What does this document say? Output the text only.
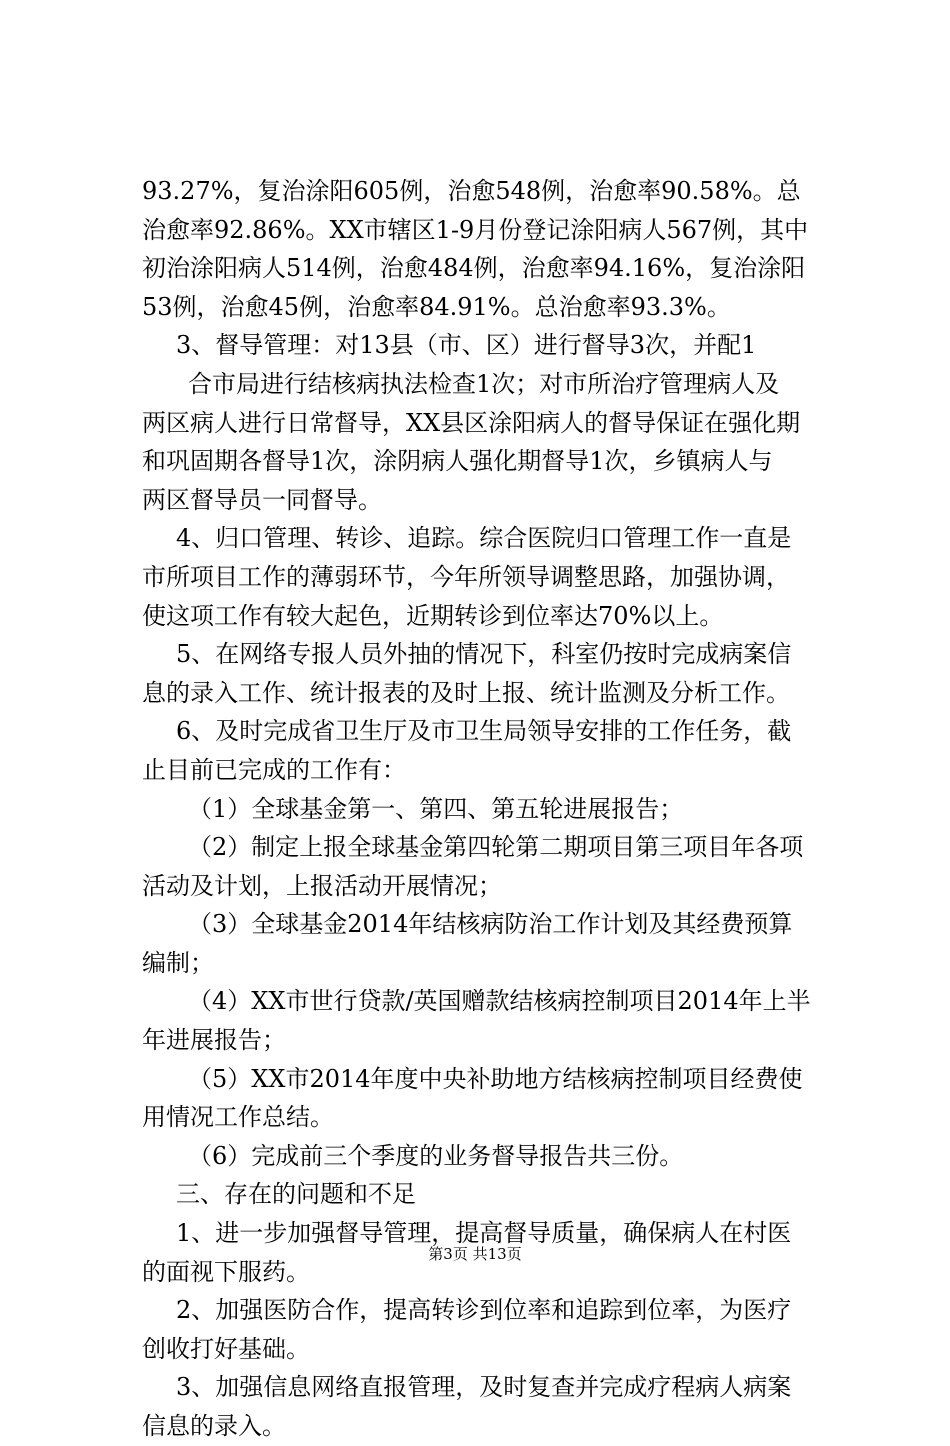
93.27%，复治涂阳605例，治愈548例，治愈率90.58%。总
治愈率92.86%。XX市辖区1-9月份登记涂阳病人567例，其中
初治涂阳病人514例，治愈484例，治愈率94.16%，复治涂阳
53例，治愈45例，治愈率84.91%。总治愈率93.3%。
3、督导管理：对13县（市、区）进行督导3次，并配1
合市局进行结核病执法检查1次；对市所治疗管理病人及
两区病人进行日常督导，XX县区涂阳病人的督导保证在强化期
和巩固期各督导1次，涂阴病人强化期督导1次，乡镇病人与
两区督导员一同督导。
4、归口管理、转诊、追踪。综合医院归口管理工作一直是
市所项目工作的薄弱环节，今年所领导调整思路，加强协调，
使这项工作有较大起色，近期转诊到位率达70%以上。
5、在网络专报人员外抽的情况下，科室仍按时完成病案信
息的录入工作、统计报表的及时上报、统计监测及分析工作。
6、及时完成省卫生厅及市卫生局领导安排的工作任务，截
止目前已完成的工作有：
（1）全球基金第一、第四、第五轮进展报告；
（2）制定上报全球基金第四轮第二期项目第三项目年各项
活动及计划，上报活动开展情况；
（3）全球基金2014年结核病防治工作计划及其经费预算
编制；
（4）XX市世行贷款/英国赠款结核病控制项目2014年上半
年进展报告；
（5）XX市2014年度中央补助地方结核病控制项目经费使
用情况工作总结。
（6）完成前三个季度的业务督导报告共三份。
三、存在的问题和不足
1、进一步加强督导管理，提高督导质量，确保病人在村医
的面视下服药。
2、加强医防合作，提高转诊到位率和追踪到位率，为医疗
创收打好基础。
3、加强信息网络直报管理，及时复查并完成疗程病人病案
信息的录入。
第3页 共13页
